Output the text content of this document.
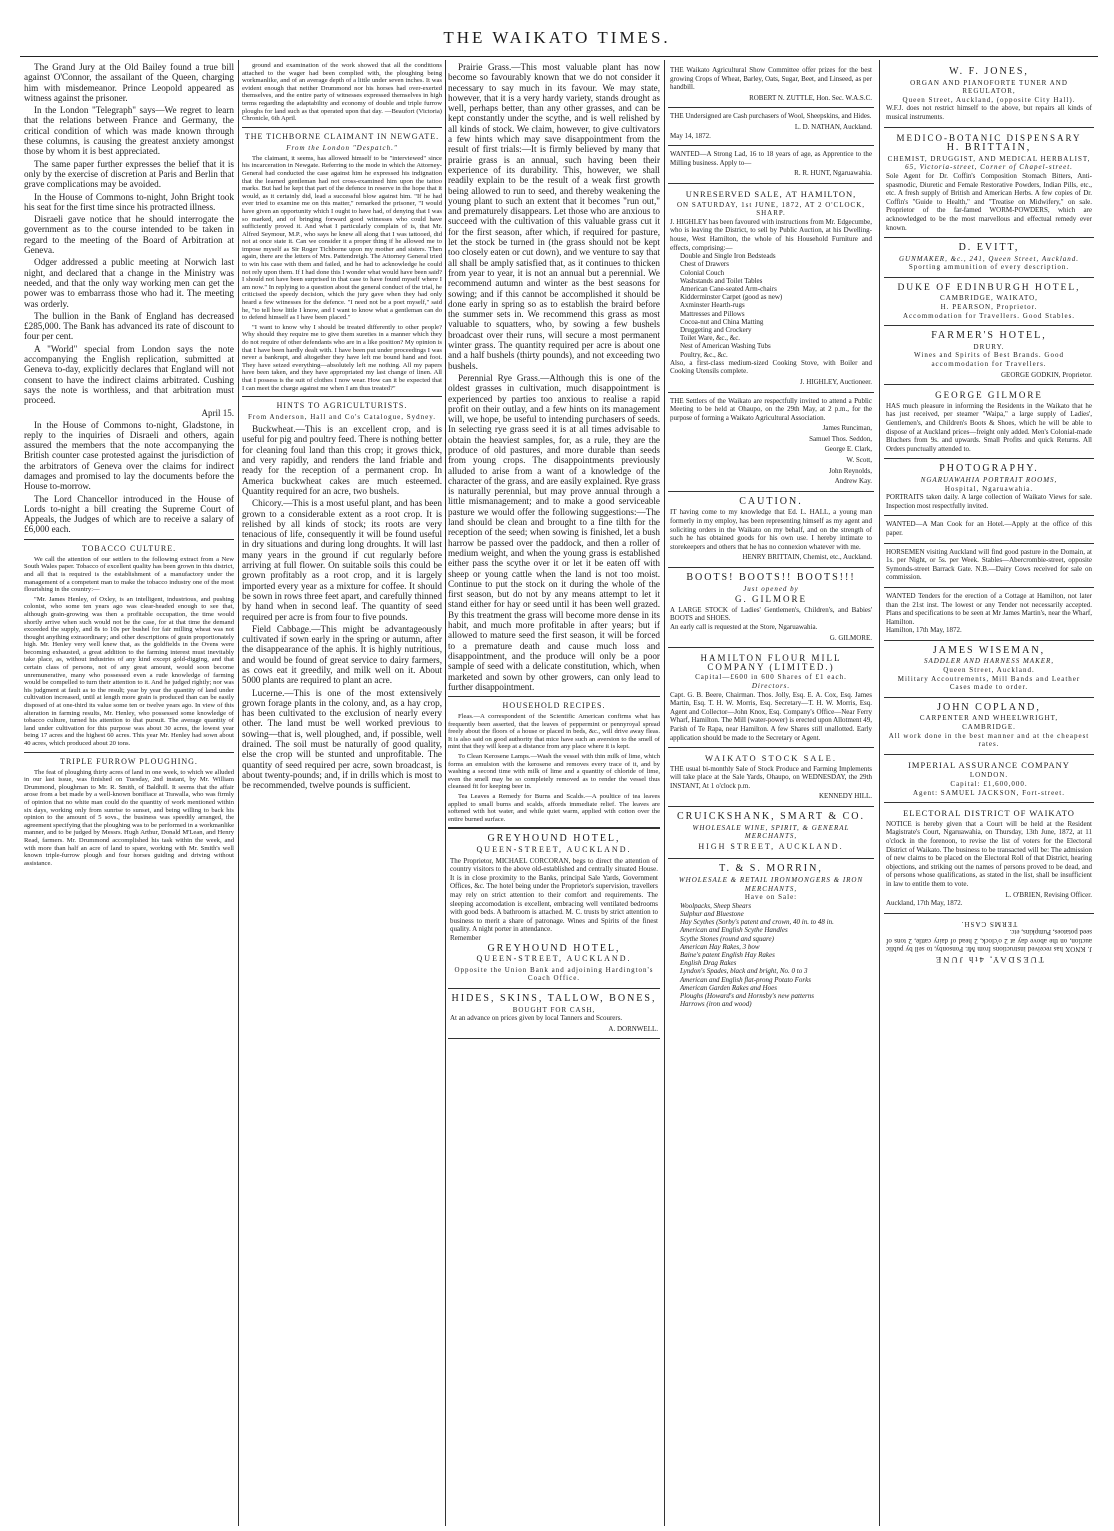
THE WAIKATO TIMES.

The Grand Jury at the Old Bailey found a true bill against O'Connor, the assailant of the Queen, charging him with misdemeanor. Prince Leopold appeared as witness against the prisoner.

In the London "Telegraph" says—We regret to learn that the relations between France and Germany, the critical condition of which was made known through these columns, is causing the greatest anxiety amongst those by whom it is best appreciated.

The same paper further expresses the belief that it is only by the exercise of discretion at Paris and Berlin that grave complications may be avoided.

In the House of Commons to-night, John Bright took his seat for the first time since his protracted illness.

Disraeli gave notice that he should interrogate the government as to the course intended to be taken in regard to the meeting of the Board of Arbitration at Geneva.

Odger addressed a public meeting at Norwich last night, and declared that a change in the Ministry was needed, and that the only way working men can get the power was to embarrass those who had it. The meeting was orderly.

The bullion in the Bank of England has decreased £285,000. The Bank has advanced its rate of discount to four per cent.

A "World" special from London says the note accompanying the English replication, submitted at Geneva to-day, explicitly declares that England will not consent to have the indirect claims arbitrated. Cushing says the note is worthless, and that arbitration must proceed.

April 15.

In the House of Commons to-night, Gladstone, in reply to the inquiries of Disraeli and others, again assured the members that the note accompanying the British counter case protested against the jurisdiction of the arbitrators of Geneva over the claims for indirect damages and promised to lay the documents before the House to-morrow.

The Lord Chancellor introduced in the House of Lords to-night a bill creating the Supreme Court of Appeals, the Judges of which are to receive a salary of £6,000 each.

TOBACCO CULTURE.

We call the attention of our settlers to the following extract from a New South Wales paper. Tobacco of excellent quality has been grown in this district, and all that is required is the establishment of a manufactory under the management of a competent man to make the tobacco industry one of the most flourishing in the country:—

"Mr. James Henley, of Oxley, is an intelligent, industrious, and pushing colonist, who some ten years ago was clear-headed enough to see that, although grain-growing was then a profitable occupation, the time would shortly arrive when such would not be the case, for at that time the demand exceeded the supply, and 8s to 10s per bushel for fair milling wheat was not thought anything extraordinary; and other descriptions of grain proportionately high. Mr. Henley very well knew that, as the goldfields in the Ovens were becoming exhausted, a great addition to the farming interest must inevitably take place, as, without industries of any kind except gold-digging, and that certain class of persons, not of any great amount, would soon become unremunerative, many who possessed even a rude knowledge of farming would be compelled to turn their attention to it. And he judged rightly; nor was his judgment at fault as to the result; year by year the quantity of land under cultivation increased, until at length more grain is produced than can be easily disposed of at one-third its value some ten or twelve years ago. In view of this alteration in farming results, Mr. Henley, who possessed some knowledge of tobacco culture, turned his attention to that pursuit. The average quantity of land under cultivation for this purpose was about 30 acres, the lowest year being 17 acres and the highest 60 acres. This year Mr. Henley had sown about 40 acres, which produced about 20 tons.

TRIPLE FURROW PLOUGHING.

The feat of ploughing thirty acres of land in one week, to which we alluded in our last issue, was finished on Tuesday, 2nd instant, by Mr. William Drummond, ploughman to Mr. R. Smith, of Baldhill. It seems that the affair arose from a bet made by a well-known bonifiace at Trawalla, who was firmly of opinion that no white man could do the quantity of work mentioned within six days, working only from sunrise to sunset, and being willing to back his opinion to the amount of 5 sovs., the business was speedily arranged, the agreement specifying that the ploughing was to be performed in a workmanlike manner, and to be judged by Messrs. Hugh Arthur, Donald M'Lean, and Henry Read, farmers. Mr. Drummond accomplished his task within the week, and with more than half an acre of land to spare, working with Mr. Smith's well known triple-furrow plough and four horses guiding and driving without assistance.

ground and examination of the work showed that all the conditions attached to the wager had been complied with, the ploughing being workmanlike, and of an average depth of a little under seven inches. It was evident enough that neither Drummond nor his horses had over-exerted themselves, and the entire party of witnesses expressed themselves in high terms regarding the adaptability and economy of double and triple furrow ploughs for land such as that operated upon that day. —Beaufort (Victoria) Chronicle, 6th April.

THE TICHBORNE CLAIMANT IN NEWGATE.
From the London "Despatch."

The claimant, it seems, has allowed himself to be "interviewed" since his incarceration in Newgate. Referring to the mode in which the Attorney-General had conducted the case against him he expressed his indignation that the learned gentleman had not cross-examined him upon the tattoo marks. But had he kept that part of the defence in reserve in the hope that it would, as it certainly did, lead a successful blow against him. "If he had ever tried to examine me on this matter," remarked the prisoner, "I would have given an opportunity which I ought to have had, of denying that I was so marked, and of bringing forward good witnesses who could have sufficiently proved it. And what I particularly complain of is, that Mr. Alfred Seymour, M.P., who says he knew all along that I was tattooed, did not at once state it. Can we consider it a proper thing if he allowed me to impose myself as Sir Roger Tichborne upon my mother and sisters. Then again, there are the letters of Mrs. Pattendreigh. The Attorney General tried to win his case with them and failed, and he had to acknowledge he could not rely upon them. If I had done this I wonder what would have been said? I should not have been surprised in that case to have found myself where I am now." In replying to a question about the general conduct of the trial, he criticised the speedy decision, which the jury gave when they had only heard a few witnesses for the defence. "I need not be a poet myself," said he, "to tell how little I know, and I want to know what a gentleman can do to defend himself as I have been placed."

"I want to know why I should be treated differently to other people? Why should they require me to give them sureties in a manner which they do not require of other defendants who are in a like position? My opinion is that I have been hardly dealt with. I have been put under proceedings I was never a bankrupt, and altogether they have left me bound hand and foot. They have seized everything—absolutely left me nothing. All my papers have been taken, and they have appropriated my last change of linen. All that I possess is the suit of clothes I now wear. How can it be expected that I can meet the charge against me when I am thus treated?"

HINTS TO AGRICULTURISTS.
From Anderson, Hall and Co's Catalogue, Sydney.

Buckwheat.—This is an excellent crop, and is useful for pig and poultry feed. There is nothing better for cleaning foul land than this crop; it grows thick, and very rapidly, and renders the land friable and ready for the reception of a permanent crop. In America buckwheat cakes are much esteemed. Quantity required for an acre, two bushels.

Chicory.—This is a most useful plant, and has been grown to a considerable extent as a root crop. It is relished by all kinds of stock; its roots are very tenacious of life, consequently it will be found useful in dry situations and during long droughts. It will last many years in the ground if cut regularly before arriving at full flower. On suitable soils this could be grown profitably as a root crop, and it is largely imported every year as a mixture for coffee. It should be sown in rows three feet apart, and carefully thinned by hand when in second leaf. The quantity of seed required per acre is from four to five pounds.

Field Cabbage.—This might be advantageously cultivated if sown early in the spring or autumn, after the disappearance of the aphis. It is highly nutritious, and would be found of great service to dairy farmers, as cows eat it greedily, and milk well on it. About 5000 plants are required to plant an acre.

Lucerne.—This is one of the most extensively grown forage plants in the colony, and, as a hay crop, has been cultivated to the exclusion of nearly every other. The land must be well worked previous to sowing—that is, well ploughed, and, if possible, well drained. The soil must be naturally of good quality, else the crop will be stunted and unprofitable. The quantity of seed required per acre, sown broadcast, is about twenty-pounds; and, if in drills which is most to be recommended, twelve pounds is sufficient.

Prairie Grass.—This most valuable plant has now become so favourably known that we do not consider it necessary to say much in its favour. We may state, however, that it is a very hardy variety, stands drought as well, perhaps better, than any other grasses, and can be kept constantly under the scythe, and is well relished by all kinds of stock. We claim, however, to give cultivators a few hints which may save disappointment from the result of first trials:—It is firmly believed by many that prairie grass is an annual, such having been their experience of its durability. This, however, we shall readily explain to be the result of a weak first growth being allowed to run to seed, and thereby weakening the young plant to such an extent that it becomes "run out," and prematurely disappears. Let those who are anxious to succeed with the cultivation of this valuable grass cut it for the first season, after which, if required for pasture, let the stock be turned in (the grass should not be kept too closely eaten or cut down), and we venture to say that all shall be amply satisfied that, as it continues to thicken from year to year, it is not an annual but a perennial. We recommend autumn and winter as the best seasons for sowing; and if this cannot be accomplished it should be done early in spring so as to establish the braird before the summer sets in. We recommend this grass as most valuable to squatters, who, by sowing a few bushels broadcast over their runs, will secure a most permanent winter grass. The quantity required per acre is about one and a half bushels (thirty pounds), and not exceeding two bushels.

Perennial Rye Grass.—Although this is one of the oldest grasses in cultivation, much disappointment is experienced by parties too anxious to realise a rapid profit on their outlay, and a few hints on its management will, we hope, be useful to intending purchasers of seeds. In selecting rye grass seed it is at all times advisable to obtain the heaviest samples, for, as a rule, they are the produce of old pastures, and more durable than seeds from young crops. The disappointments previously alluded to arise from a want of a knowledge of the character of the grass, and are easily explained. Rye grass is naturally perennial, but may prove annual through a little mismanagement; and to make a good serviceable pasture we would offer the following suggestions:—The land should be clean and brought to a fine tilth for the reception of the seed; when sowing is finished, let a bush harrow be passed over the paddock, and then a roller of medium weight, and when the young grass is established either pass the scythe over it or let it be eaten off with sheep or young cattle when the land is not too moist. Continue to put the stock on it during the whole of the first season, but do not by any means attempt to let it stand either for hay or seed until it has been well grazed. By this treatment the grass will become more dense in its habit, and much more profitable in after years; but if allowed to mature seed the first season, it will be forced to a premature death and cause much loss and disappointment, and the produce will only be a poor sample of seed with a delicate constitution, which, when marketed and sown by other growers, can only lead to further disappointment.

HOUSEHOLD RECIPES.

Fleas.—A correspondent of the Scientific American confirms what has frequently been asserted, that the leaves of peppermint or pennyroyal spread freely about the floors of a house or placed in beds, &c., will drive away fleas. It is also said on good authority that mice have such an aversion to the smell of mint that they will keep at a distance from any place where it is kept.

To Clean Kerosene Lamps.—Wash the vessel with thin milk of lime, which forms an emulsion with the kerosene and removes every trace of it, and by washing a second time with milk of lime and a quantity of chloride of lime, even the smell may be so completely removed as to render the vessel thus cleansed fit for keeping beer in.

Tea Leaves a Remedy for Burns and Scalds.—A poultice of tea leaves applied to small burns and scalds, affords immediate relief. The leaves are softened with hot water, and while quiet warm, applied with cotton over the entire burned surface.

GREYHOUND HOTEL,
QUEEN-STREET, AUCKLAND.
The Proprietor, MICHAEL CORCORAN, begs to direct the attention of country visitors to the above old-established and centrally situated House. It is in close proximity to the Banks, principal Sale Yards, Government Offices, &c. The hotel being under the Proprietor's supervision, travellers may rely on strict attention to their comfort and requirements. The sleeping accomodation is excellent, embracing well ventilated bedrooms with good beds. A bathroom is attached. M. C. trusts by strict attention to business to merit a share of patronage. Wines and Spirits of the finest quality. A night porter in attendance.
Remember
GREYHOUND HOTEL,
QUEEN-STREET, AUCKLAND.
Opposite the Union Bank and adjoining Hardington's Coach Office.
HIDES, SKINS, TALLOW, BONES,
BOUGHT FOR CASH,
At an advance on prices given by local Tanners and Scourers.
A. DORNWELL.
THE Waikato Agricultural Show Committee offer prizes for the best growing Crops of Wheat, Barley, Oats, Sugar, Beet, and Linseed, as per handbill.
ROBERT N. ZUTTLE, Hon. Sec. W.A.S.C.
THE Undersigned are Cash purchasers of Wool, Sheepskins, and Hides.
L. D. NATHAN, Auckland.
May 14, 1872.
WANTED—A Strong Lad, 16 to 18 years of age, as Apprentice to the Milling business. Apply to—
R. R. HUNT, Ngaruawahia.
UNRESERVED SALE, AT HAMILTON,
ON SATURDAY, 1st JUNE, 1872, AT 2 O'CLOCK, SHARP.
J. HIGHLEY has been favoured with instructions from Mr. Edgecumbe, who is leaving the District, to sell by Public Auction, at his Dwelling-house, West Hamilton, the whole of his Household Furniture and effects, comprising:—
Double and Single Iron Bedsteads
Chest of Drawers
Colonial Couch
Washstands and Toilet Tables
American Cane-seated Arm-chairs
Kidderminster Carpet (good as new)
Axminster Hearth-rugs
Mattresses and Pillows
Cocoa-nut and China Matting
Druggeting and Crockery
Toilet Ware, &c., &c.
Nest of American Washing Tubs
Poultry, &c., &c.
Also, a first-class medium-sized Cooking Stove, with Boiler and Cooking Utensils complete.
J. HIGHLEY, Auctioneer.
THE Settlers of the Waikato are respectfully invited to attend a Public Meeting to be held at Ohaupo, on the 29th May, at 2 p.m., for the purpose of forming a Waikato Agricultural Association.
James Runciman,
Samuel Thos. Seddon,
George E. Clark,
W. Scott,
John Reynolds,
Andrew Kay.
CAUTION.
IT having come to my knowledge that Ed. L. HALL, a young man formerly in my employ, has been representing himself as my agent and soliciting orders in the Waikato on my behalf, and on the strength of such he has obtained goods for his own use. I hereby intimate to storekeepers and others that he has no connexion whatever with me.
HENRY BRITTAIN, Chemist, etc., Auckland.
BOOTS! BOOTS!! BOOTS!!!
Just opened by
G. GILMORE
A LARGE STOCK of Ladies' Gentlemen's, Children's, and Babies' BOOTS and SHOES.
An early call is requested at the Store, Ngaruawahia.
G. GILMORE.
HAMILTON FLOUR MILL COMPANY (LIMITED.)
Capital—£600 in 600 Shares of £1 each.
Directors.
Capt. G. B. Beere, Chairman. Thos. Jolly, Esq. E. A. Cox, Esq. James Martin, Esq. T. H. W. Morris, Esq. Secretary—T. H. W. Morris, Esq. Agent and Collector—John Knox, Esq. Company's Office—Near Ferry Wharf, Hamilton. The Mill (water-power) is erected upon Allotment 49, Parish of Te Rapa, near Hamilton. A few Shares still unallotted. Early application should be made to the Secretary or Agent.
WAIKATO STOCK SALE.
THE usual bi-monthly Sale of Stock Produce and Farming Implements will take place at the Sale Yards, Ohaupo, on WEDNESDAY, the 29th INSTANT, At 1 o'clock p.m.
KENNEDY HILL.
CRUICKSHANK, SMART & CO.
WHOLESALE WINE, SPIRIT, & GENERAL MERCHANTS,
HIGH STREET, AUCKLAND.
T. & S. MORRIN,
WHOLESALE & RETAIL IRONMONGERS & IRON MERCHANTS,
Have on Sale:
Woolpacks, Sheep Shears
Sulphur and Bluestone
Hay Scythes (Sorby's patent and crown, 40 in. to 48 in.
American and English Scythe Handles
Scythe Stones (round and square)
American Hay Rakes, 3 bow
Baine's patent English Hay Rakes
English Drag Rakes
Lyndon's Spades, black and bright, No. 0 to 3
American and English flat-prong Potato Forks
American Garden Rakes and Hoes
Ploughs (Howard's and Hornsby's new patterns
Harrows (iron and wood)
W. F. JONES,
ORGAN AND PIANOFORTE TUNER AND REGULATOR,
Queen Street, Auckland, (opposite City Hall).
W.F.J. does not restrict himself to the above, but repairs all kinds of musical instruments.
MEDICO-BOTANIC DISPENSARY
H. BRITTAIN,
CHEMIST, DRUGGIST, AND MEDICAL HERBALIST,
65, Victoria-street, Corner of Chapel-street.
Sole Agent for Dr. Coffin's Composition Stomach Bitters, Anti-spasmodic, Diuretic and Female Restorative Powders, Indian Pills, etc., etc. A fresh supply of British and American Herbs. A few copies of Dr. Coffin's "Guide to Health," and "Treatise on Midwifery," on sale. Proprietor of the far-famed WORM-POWDERS, which are acknowledged to be the most marvellous and effectual remedy ever known.
D. EVITT,
GUNMAKER, &c., 241, Queen Street, Auckland.
Sporting ammunition of every description.
DUKE OF EDINBURGH HOTEL,
CAMBRIDGE, WAIKATO,
H. PEARSON, Proprietor.
Accommodation for Travellers. Good Stables.
FARMER'S HOTEL,
DRURY.
Wines and Spirits of Best Brands. Good accommodation for Travellers.
GEORGE GODKIN, Proprietor.
GEORGE GILMORE
HAS much pleasure in informing the Residents in the Waikato that he has just received, per steamer "Waipa," a large supply of Ladies', Gentlemen's, and Children's Boots & Shoes, which he will be able to dispose of at Auckland prices—freight only added. Men's Colonial-made Bluchers from 9s. and upwards. Small Profits and quick Returns. All Orders punctually attended to.
PHOTOGRAPHY.
NGARUAWAHIA PORTRAIT ROOMS,
Hospital, Ngaruawahia.
PORTRAITS taken daily. A large collection of Waikato Views for sale. Inspection most respectfully invited.
WANTED—A Man Cook for an Hotel.—Apply at the office of this paper.
HORSEMEN visiting Auckland will find good pasture in the Domain, at 1s. per Night, or 5s. per Week. Stables—Abercrombie-street, opposite Symonds-street Barrack Gate. N.B.—Dairy Cows received for sale on commission.
WANTED Tenders for the erection of a Cottage at Hamilton, not later than the 21st inst. The lowest or any Tender not necessarily accepted. Plans and specifications to be seen at Mr James Martin's, near the Wharf, Hamilton.
Hamilton, 17th May, 1872.
JAMES WISEMAN,
SADDLER AND HARNESS MAKER,
Queen Street, Auckland.
Military Accoutrements, Mill Bands and Leather Cases made to order.
JOHN COPLAND,
CARPENTER AND WHEELWRIGHT,
CAMBRIDGE.
All work done in the best manner and at the cheapest rates.
IMPERIAL ASSURANCE COMPANY
LONDON.
Capital: £1,600,000.
Agent: SAMUEL JACKSON, Fort-street.
ELECTORAL DISTRICT OF WAIKATO
NOTICE is hereby given that a Court will be held at the Resident Magistrate's Court, Ngaruawahia, on Thursday, 13th June, 1872, at 11 o'clock in the forenoon, to revise the list of voters for the Electoral District of Waikato. The business to be transacted will be: The admission of new claims to be placed on the Electoral Roll of that District, hearing objections, and striking out the names of persons proved to be dead, and of persons whose qualifications, as stated in the list, shall be insufficient in law to entitle them to vote.
L. O'BRIEN, Revising Officer.
Auckland, 17th May, 1872.
TUESDAY, 4th JUNE
J. KNOX has received instructions from Mr. Ponsonby, to sell by public auction, on the above day at 2 o'clock, 2 head of dairy cattle, 2 tons of seed potatoes, Pumpkins, etc.
TERMS CASH.
